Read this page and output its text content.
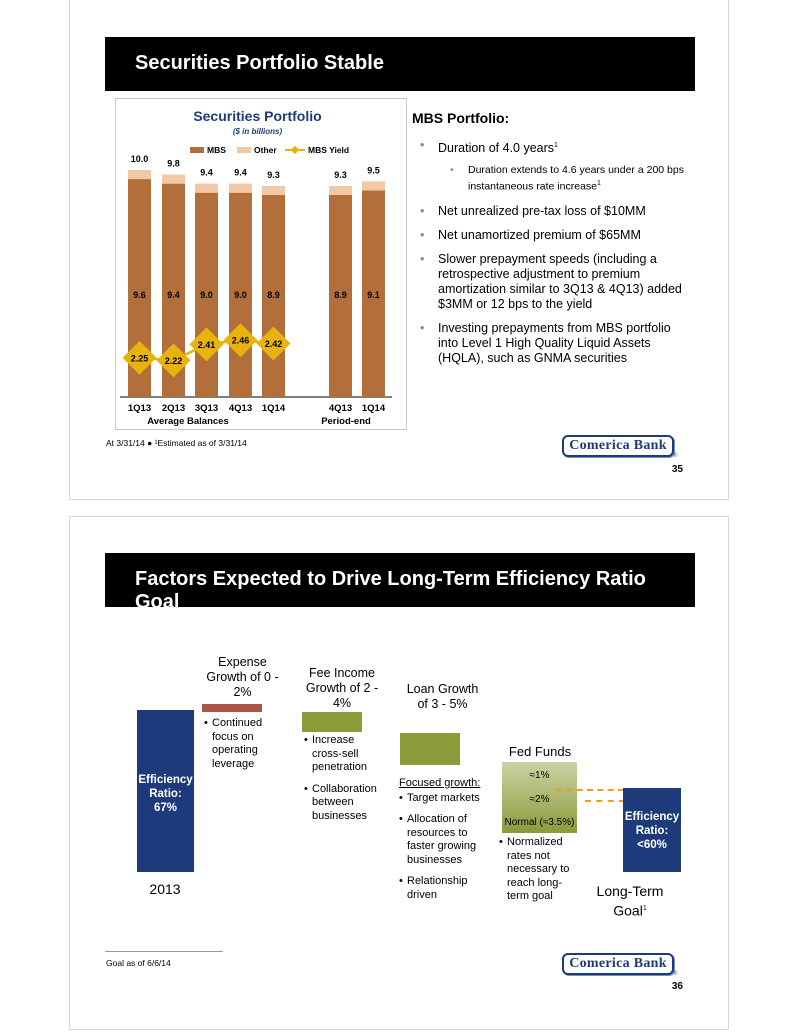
Securities Portfolio Stable
At 3/31/14 ● ¹Estimated as of 3/31/14	Comerica Bank
®
35
Securities Portfolio
($ in billions)
MBS	Other	MBS Yield
10.0
9.6
1Q13
9.8
9.4
2Q13
9.4
9.0
3Q13
9.4
9.0
4Q13
9.3
8.9
1Q14
9.3
8.9
4Q13
9.5
9.1
1Q14
2.25 2.22
2.41 2.46 2.42
Average Balances	Period-end
MBS Portfolio:
• Duration of 4.0 years$^1$
• Duration extends to 4.6 years under a 200 bps instantaneous rate increase$^1$
• Net unrealized pre-tax loss of $10MM
• Net unamortized premium of $65MM
• Slower prepayment speeds (including a retrospective adjustment to premium amortization similar to 3Q13 & 4Q13) added $3MM or 12 bps to the yield
• Investing prepayments from MBS portfolio into Level 1 High Quality Liquid Assets (HQLA), such as GNMA securities
Factors Expected to Drive Long-Term Efficiency Ratio Goal
Goal as of 6/6/14	Comerica Bank
®
36
Efficiency Ratio: 67%
2013
Expense Growth of 0 - 2%
• Continued focus on operating leverage
Fee Income Growth of 2 - 4%
• Increase cross-sell penetration
• Collaboration between businesses
Loan Growth of 3 - 5%
Focused growth:
• Target markets
• Allocation of resources to faster growing businesses
• Relationship driven
Fed Funds
≈1%
≈2%
Normal (≈3.5%)
• Normalized rates not necessary to reach long-term goal
Efficiency Ratio: <60%
Long-Term Goal$^1$
